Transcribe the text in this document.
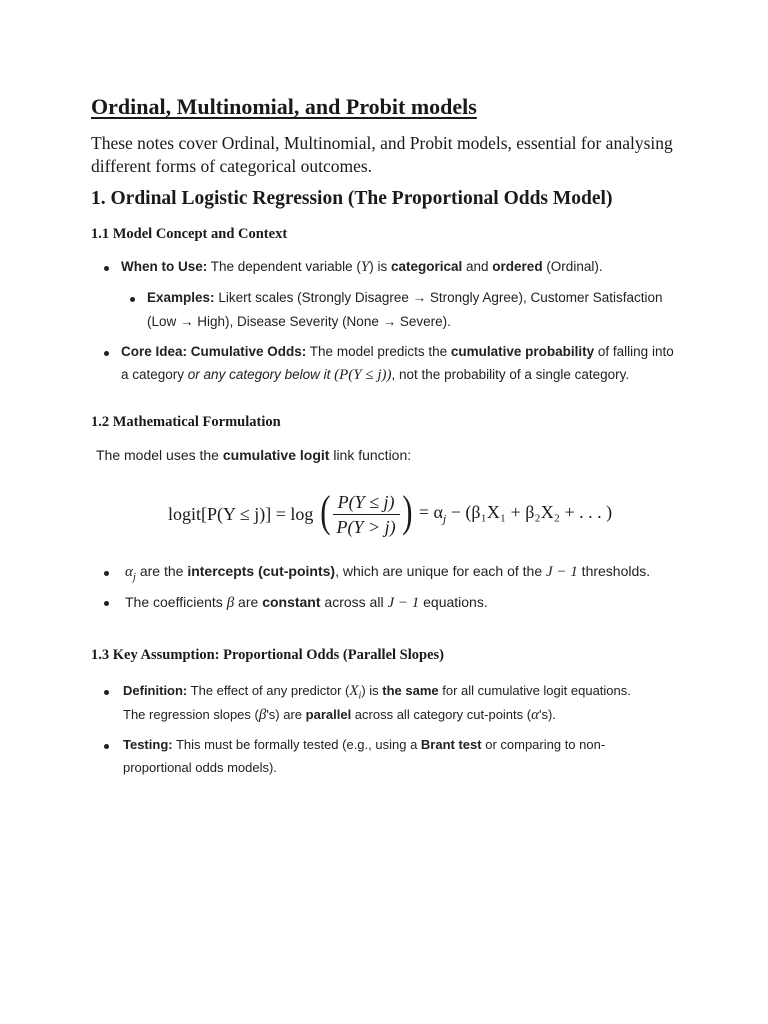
Ordinal, Multinomial, and Probit models
These notes cover Ordinal, Multinomial, and Probit models, essential for analysing different forms of categorical outcomes.
1. Ordinal Logistic Regression (The Proportional Odds Model)
1.1 Model Concept and Context
When to Use: The dependent variable (Y) is categorical and ordered (Ordinal).
Examples: Likert scales (Strongly Disagree → Strongly Agree), Customer Satisfaction
(Low → High), Disease Severity (None → Severe).
Core Idea: Cumulative Odds: The model predicts the cumulative probability of falling into
a category or any category below it (P(Y ≤ j)), not the probability of a single category.
1.2 Mathematical Formulation
The model uses the cumulative logit link function:
logit[P(Y ≤ j)] = log ( $\frac{P(Y \le j)}{P(Y > j)}$ ) = $\alpha_j - (\beta_1X_1 + \beta_2X_2$ + . . . )
$\alpha_j$ are the intercepts (cut-points), which are unique for each of the J − 1 thresholds.
The coefficients β are constant across all J − 1 equations.
1.3 Key Assumption: Proportional Odds (Parallel Slopes)
Definition: The effect of any predictor $(X_i)$ is the same for all cumulative logit equations.
The regression slopes (β's) are parallel across all category cut-points (α's).
Testing: This must be formally tested (e.g., using a Brant test or comparing to non-
proportional odds models).
